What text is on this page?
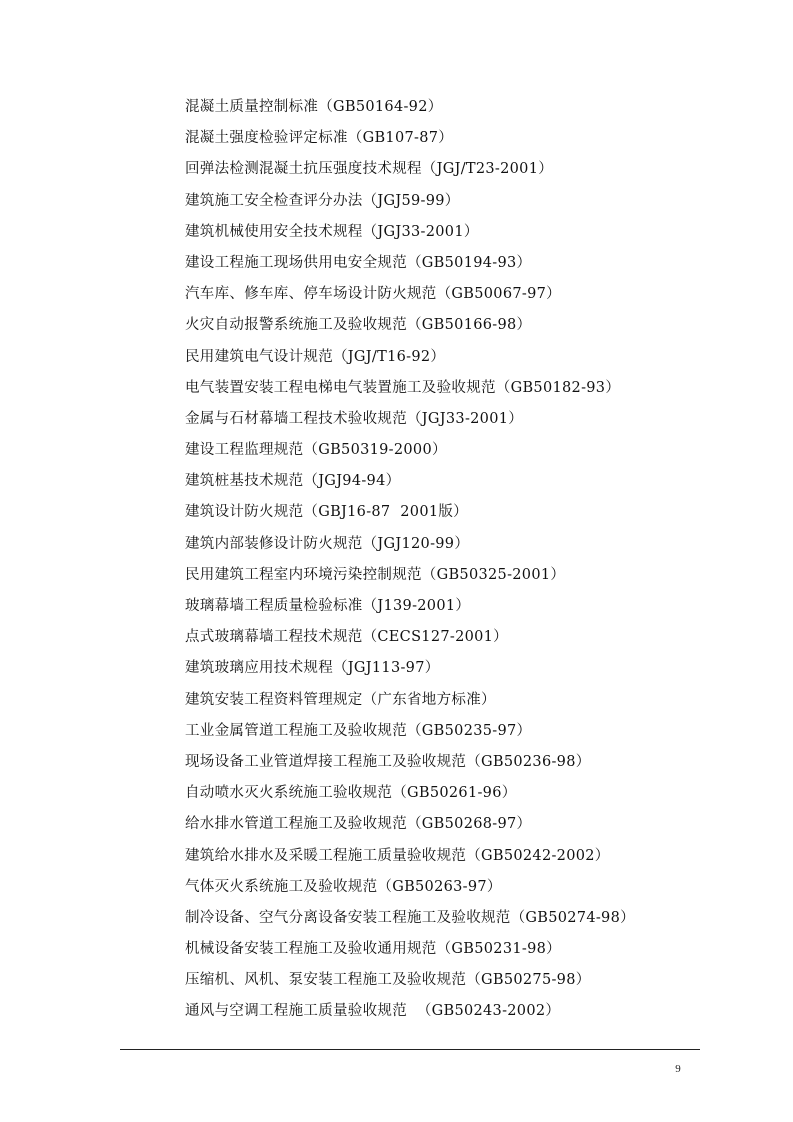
混凝土质量控制标准（GB50164-92）
混凝土强度检验评定标准（GB107-87）
回弹法检测混凝土抗压强度技术规程（JGJ/T23-2001）
建筑施工安全检查评分办法（JGJ59-99）
建筑机械使用安全技术规程（JGJ33-2001）
建设工程施工现场供用电安全规范（GB50194-93）
汽车库、修车库、停车场设计防火规范（GB50067-97）
火灾自动报警系统施工及验收规范（GB50166-98）
民用建筑电气设计规范（JGJ/T16-92）
电气装置安装工程电梯电气装置施工及验收规范（GB50182-93）
金属与石材幕墙工程技术验收规范（JGJ33-2001）
建设工程监理规范（GB50319-2000）
建筑桩基技术规范（JGJ94-94）
建筑设计防火规范（GBJ16-87  2001版）
建筑内部装修设计防火规范（JGJ120-99）
民用建筑工程室内环境污染控制规范（GB50325-2001）
玻璃幕墙工程质量检验标准（J139-2001）
点式玻璃幕墙工程技术规范（CECS127-2001）
建筑玻璃应用技术规程（JGJ113-97）
建筑安装工程资料管理规定（广东省地方标准）
工业金属管道工程施工及验收规范（GB50235-97）
现场设备工业管道焊接工程施工及验收规范（GB50236-98）
自动喷水灭火系统施工验收规范（GB50261-96）
给水排水管道工程施工及验收规范（GB50268-97）
建筑给水排水及采暖工程施工质量验收规范（GB50242-2002）
气体灭火系统施工及验收规范（GB50263-97）
制冷设备、空气分离设备安装工程施工及验收规范（GB50274-98）
机械设备安装工程施工及验收通用规范（GB50231-98）
压缩机、风机、泵安装工程施工及验收规范（GB50275-98）
通风与空调工程施工质量验收规范  （GB50243-2002）
9
